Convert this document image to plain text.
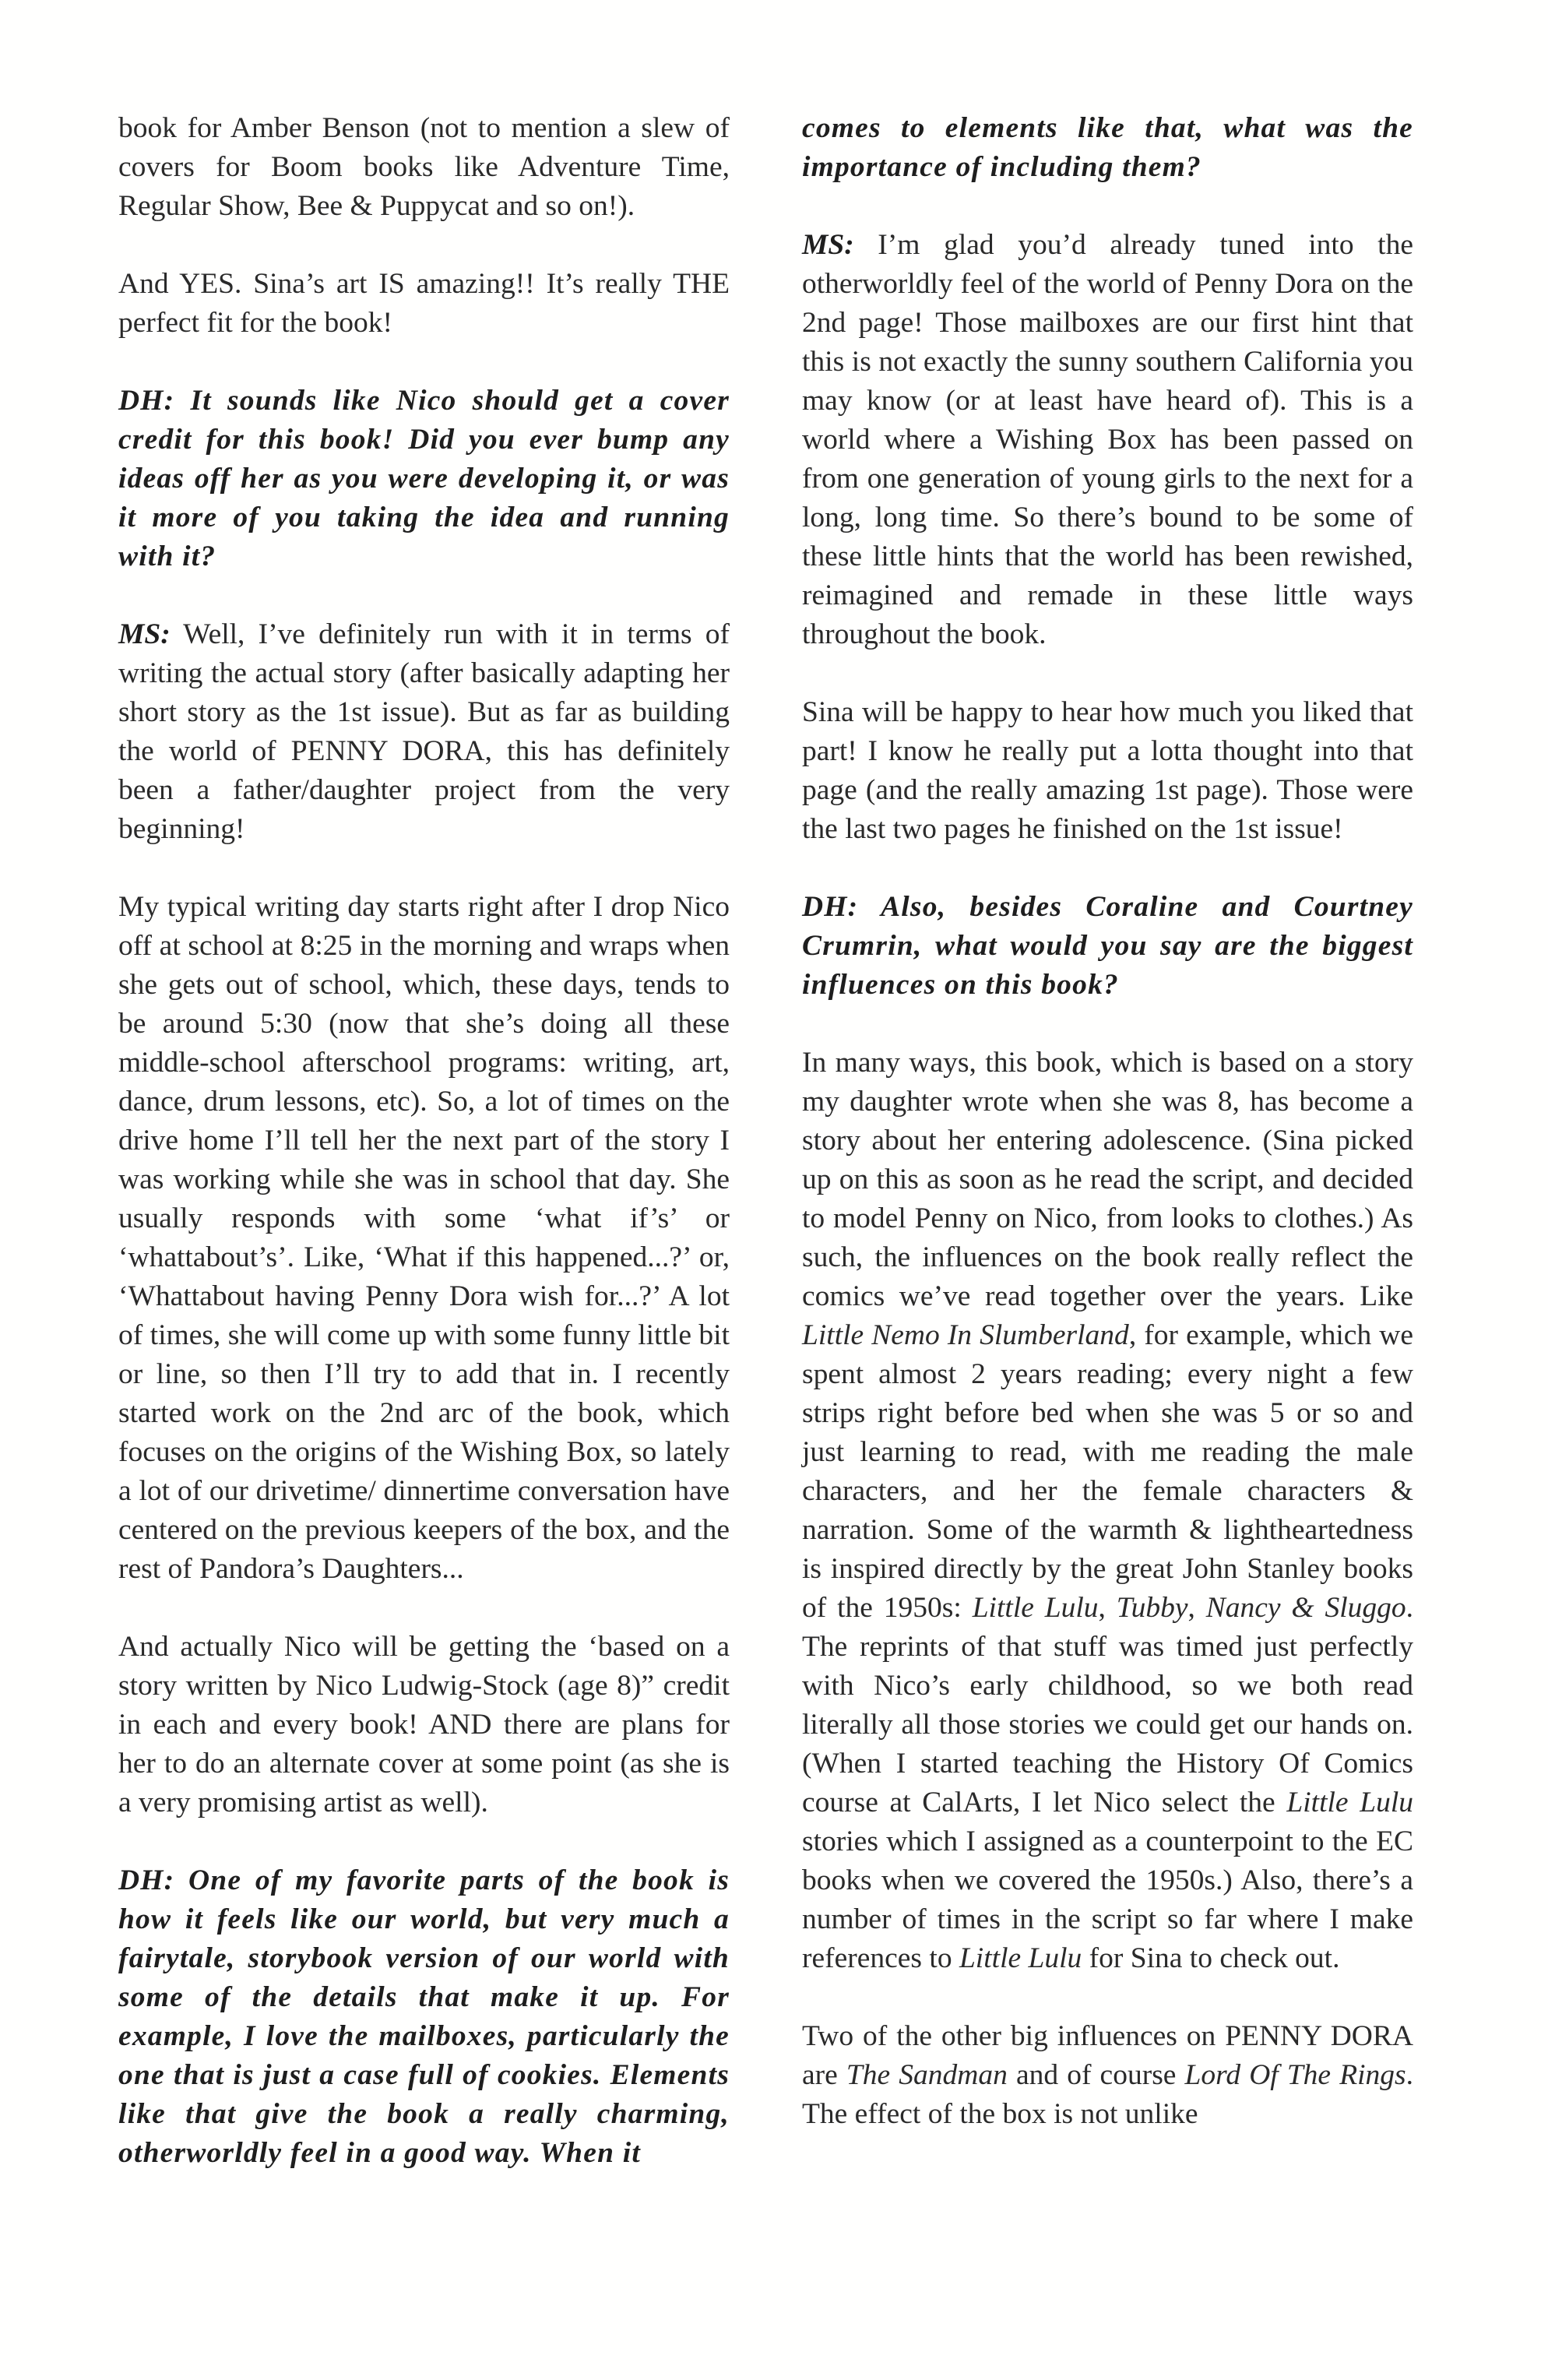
book for Amber Benson (not to mention a slew of covers for Boom books like Adventure Time, Regular Show, Bee & Puppycat and so on!).

And YES. Sina’s art IS amazing!! It’s really THE perfect fit for the book!

DH: It sounds like Nico should get a cover credit for this book! Did you ever bump any ideas off her as you were developing it, or was it more of you taking the idea and running with it?

MS: Well, I’ve definitely run with it in terms of writing the actual story (after basically adapting her short story as the 1st issue). But as far as building the world of PENNY DORA, this has definitely been a father/daughter project from the very beginning!

My typical writing day starts right after I drop Nico off at school at 8:25 in the morning and wraps when she gets out of school, which, these days, tends to be around 5:30 (now that she’s doing all these middle-school afterschool programs: writing, art, dance, drum lessons, etc). So, a lot of times on the drive home I’ll tell her the next part of the story I was working while she was in school that day. She usually responds with some ‘what if’s’ or ‘whattabout’s’. Like, ‘What if this happened...?’ or, ‘Whattabout having Penny Dora wish for...?’ A lot of times, she will come up with some funny little bit or line, so then I’ll try to add that in. I recently started work on the 2nd arc of the book, which focuses on the origins of the Wishing Box, so lately a lot of our drivetime/ dinnertime conversation have centered on the previous keepers of the box, and the rest of Pandora’s Daughters...

And actually Nico will be getting the ‘based on a story written by Nico Ludwig-Stock (age 8)” credit in each and every book! AND there are plans for her to do an alternate cover at some point (as she is a very promising artist as well).

DH: One of my favorite parts of the book is how it feels like our world, but very much a fairytale, storybook version of our world with some of the details that make it up. For example, I love the mailboxes, particularly the one that is just a case full of cookies. Elements like that give the book a really charming, otherworldly feel in a good way. When it

comes to elements like that, what was the importance of including them?

MS: I’m glad you’d already tuned into the otherworldly feel of the world of Penny Dora on the 2nd page! Those mailboxes are our first hint that this is not exactly the sunny southern California you may know (or at least have heard of). This is a world where a Wishing Box has been passed on from one generation of young girls to the next for a long, long time. So there’s bound to be some of these little hints that the world has been rewished, reimagined and remade in these little ways throughout the book.

Sina will be happy to hear how much you liked that part! I know he really put a lotta thought into that page (and the really amazing 1st page). Those were the last two pages he finished on the 1st issue!

DH: Also, besides Coraline and Courtney Crumrin, what would you say are the biggest influences on this book?

In many ways, this book, which is based on a story my daughter wrote when she was 8, has become a story about her entering adolescence. (Sina picked up on this as soon as he read the script, and decided to model Penny on Nico, from looks to clothes.) As such, the influences on the book really reflect the comics we’ve read together over the years. Like Little Nemo In Slumberland, for example, which we spent almost 2 years reading; every night a few strips right before bed when she was 5 or so and just learning to read, with me reading the male characters, and her the female characters & narration. Some of the warmth & lightheartedness is inspired directly by the great John Stanley books of the 1950s: Little Lulu, Tubby, Nancy & Sluggo. The reprints of that stuff was timed just perfectly with Nico’s early childhood, so we both read literally all those stories we could get our hands on. (When I started teaching the History Of Comics course at CalArts, I let Nico select the Little Lulu stories which I assigned as a counterpoint to the EC books when we covered the 1950s.) Also, there’s a number of times in the script so far where I make references to Little Lulu for Sina to check out.

Two of the other big influences on PENNY DORA are The Sandman and of course Lord Of The Rings. The effect of the box is not unlike
